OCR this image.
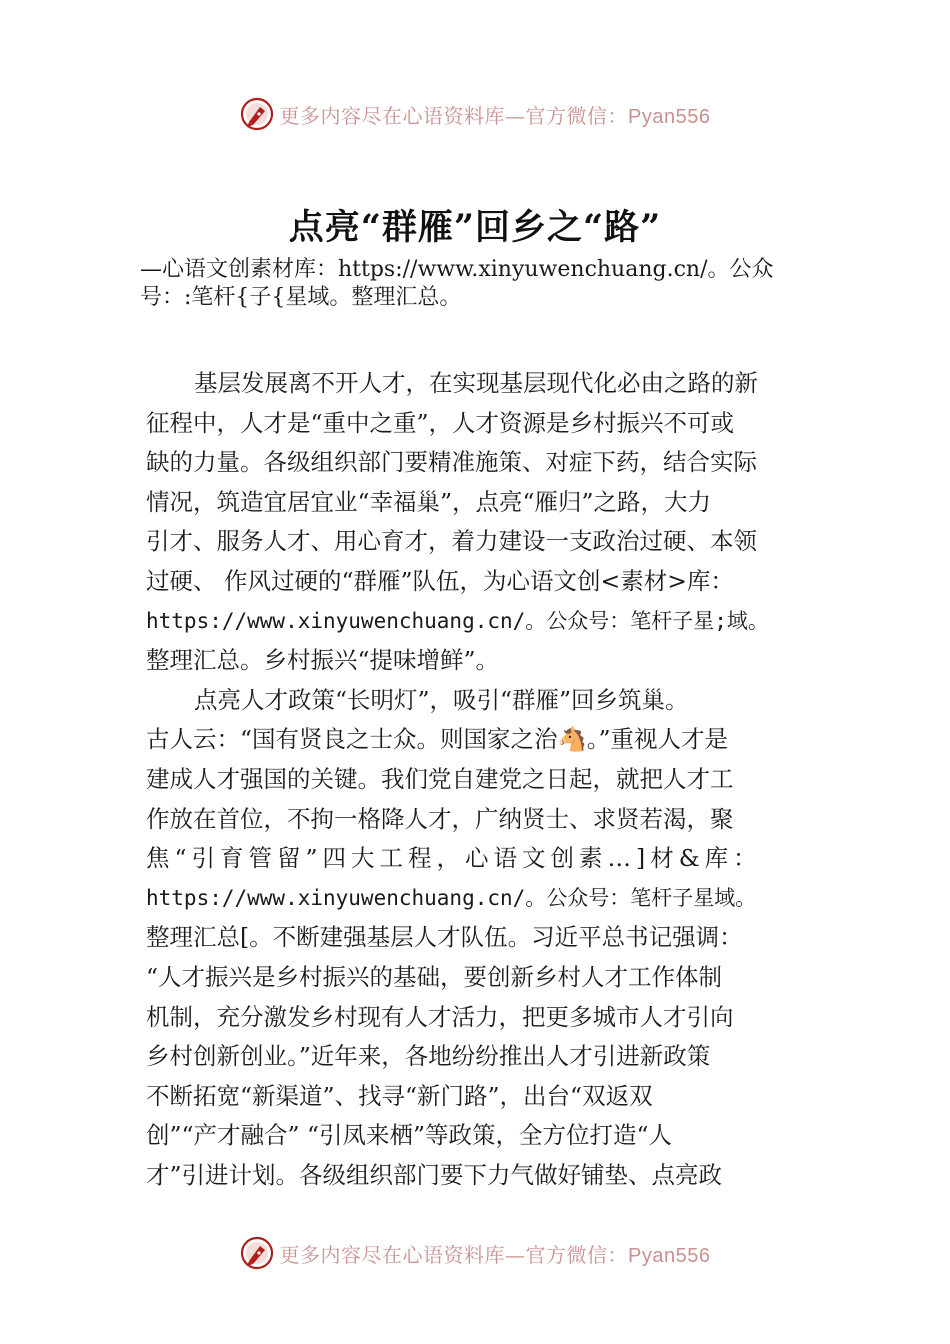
更多内容尽在心语资料库—官方微信：Pyan556
点亮“群雁”回乡之“路”
—心语文创素材库：https://www.xinyuwenchuang.cn/。公众
号：:笔杆{子{星域。整理汇总。
基层发展离不开人才，在实现基层现代化必由之路的新
征程中，人才是“重中之重”，人才资源是乡村振兴不可或
缺的力量。各级组织部门要精准施策、对症下药，结合实际
情况，筑造宜居宜业“幸福巢”，点亮“雁归”之路，大力
引才、服务人才、用心育才，着力建设一支政治过硬、本领
过硬、 作风过硬的“群雁”队伍，为心语文创<素材>库：
https://www.xinyuwenchuang.cn/。公众号：笔杆子星;域。
整理汇总。乡村振兴“提味增鲜”。
点亮人才政策“长明灯”，吸引“群雁”回乡筑巢。
古人云：“国有贤良之士众。则国家之治🐴。”重视人才是
建成人才强国的关键。我们党自建党之日起，就把人才工
作放在首位，不拘一格降人才，广纳贤士、求贤若渴，聚
焦“引育管留”四大工程，心语文创素…]材&库：
https://www.xinyuwenchuang.cn/。公众号：笔杆子星域。
整理汇总[。不断建强基层人才队伍。习近平总书记强调：
“人才振兴是乡村振兴的基础，要创新乡村人才工作体制
机制，充分激发乡村现有人才活力，把更多城市人才引向
乡村创新创业。”近年来，各地纷纷推出人才引进新政策
不断拓宽“新渠道”、找寻“新门路”，出台“双返双
创”“产才融合” “引凤来栖”等政策，全方位打造“人
才”引进计划。各级组织部门要下力气做好铺垫、点亮政
更多内容尽在心语资料库—官方微信：Pyan556
